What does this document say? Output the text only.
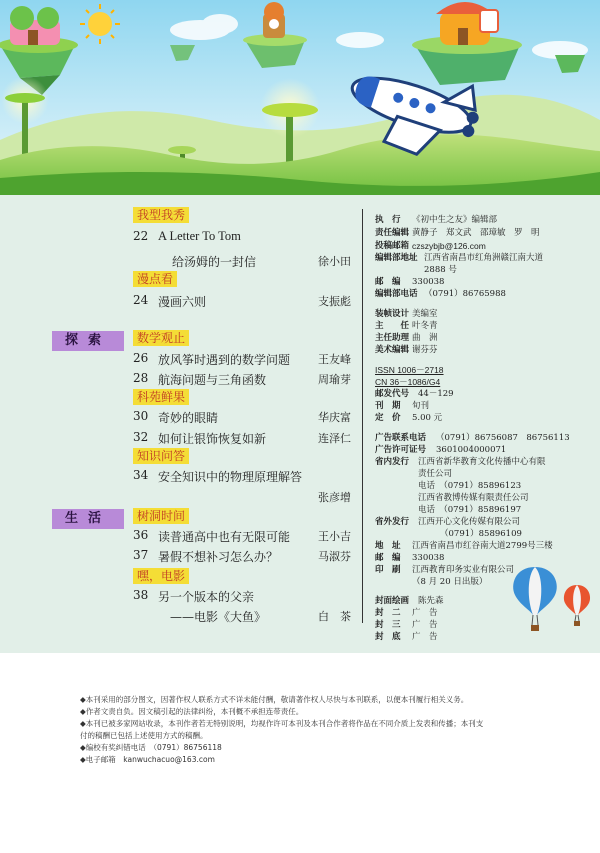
我型我秀
漫点看
数学观止
科苑鲜果
知识问答
树洞时间
嘿，电影
探索
生活
22 A Letter To Tom
给汤姆的一封信	徐小田
24 漫画六则	支振彪
26 放风筝时遇到的数学问题	王友峰
28 航海问题与三角函数	周瑜芽
30 奇妙的眼睛	华庆富
32 如何让银饰恢复如新	连泽仁
34 安全知识中的物理原理解答
张彦增
36 读普通高中也有无限可能	王小吉
37 暑假不想补习怎么办？	马淑芬
38 另一个版本的父亲
——电影《大鱼》	白　茶
执　行 《初中生之友》编辑部
责任编辑 黄静子　郑文武　邵璋敏　罗　明
投稿邮箱 czszybjb@126.com
编辑部地址 江西省南昌市红角洲赣江南大道
2888 号
邮　编 330038
编辑部电话 （0791）86765988
装帧设计 美编室
主　　任 叶冬青
主任助理 曲　洲
美术编辑 谢芬芬
ISSN 1006－2718
CN 36－1086/G4
邮发代号 44－129
刊　期 旬刊
定　价 5.00 元
广告联系电话 （0791）86756087　86756113
广告许可证号 3601004000071
省内发行 江西省新华教育文化传播中心有限
责任公司
电话　（0791）85896123
江西省教博传媒有限责任公司
电话　（0791）85896197
省外发行 江西开心文化传媒有限公司
（0791）85896109
地　址 江西省南昌市红谷南大道2799号三楼
邮　编 330038
印　刷 江西教育印务实业有限公司
（8 月 20 日出版）
封面绘画 陈先森
封　二 广　告
封　三 广　告
封　底 广　告
◆本刊采用的部分图文，因著作权人联系方式不详未能付酬，敬请著作权人尽快与本刊联系，以便本刊履行相关义务。
◆作者文责自负。因文稿引起的法律纠纷，本刊概不承担连带责任。
◆本刊已被多家网站收录，本刊作者若无特别说明，均视作许可本刊及本刊合作者将作品在不同介质上发表和传播；本刊支
付的稿酬已包括上述使用方式的稿酬。
◆编校有奖纠错电话　（0791）86756118
◆电子邮箱　kanwuchacuo@163.com
